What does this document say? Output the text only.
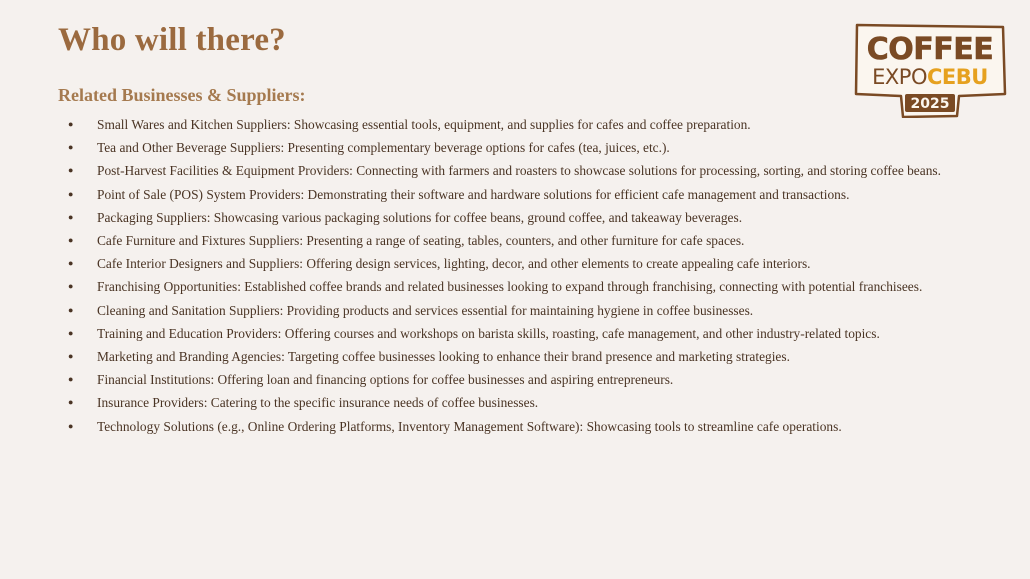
Who will there?
Related Businesses & Suppliers:
● Small Wares and Kitchen Suppliers: Showcasing essential tools, equipment, and supplies for cafes and coffee preparation.
● Tea and Other Beverage Suppliers: Presenting complementary beverage options for cafes (tea, juices, etc.).
● Post-Harvest Facilities & Equipment Providers: Connecting with farmers and roasters to showcase solutions for processing, sorting, and storing coffee beans.
● Point of Sale (POS) System Providers: Demonstrating their software and hardware solutions for efficient cafe management and transactions.
● Packaging Suppliers: Showcasing various packaging solutions for coffee beans, ground coffee, and takeaway beverages.
● Cafe Furniture and Fixtures Suppliers: Presenting a range of seating, tables, counters, and other furniture for cafe spaces.
● Cafe Interior Designers and Suppliers: Offering design services, lighting, decor, and other elements to create appealing cafe interiors.
● Franchising Opportunities: Established coffee brands and related businesses looking to expand through franchising, connecting with potential franchisees.
● Cleaning and Sanitation Suppliers: Providing products and services essential for maintaining hygiene in coffee businesses.
● Training and Education Providers: Offering courses and workshops on barista skills, roasting, cafe management, and other industry-related topics.
● Marketing and Branding Agencies: Targeting coffee businesses looking to enhance their brand presence and marketing strategies.
● Financial Institutions: Offering loan and financing options for coffee businesses and aspiring entrepreneurs.
● Insurance Providers: Catering to the specific insurance needs of coffee businesses.
● Technology Solutions (e.g., Online Ordering Platforms, Inventory Management Software): Showcasing tools to streamline cafe operations.
COFFEE
EXPOCEBU
2025
